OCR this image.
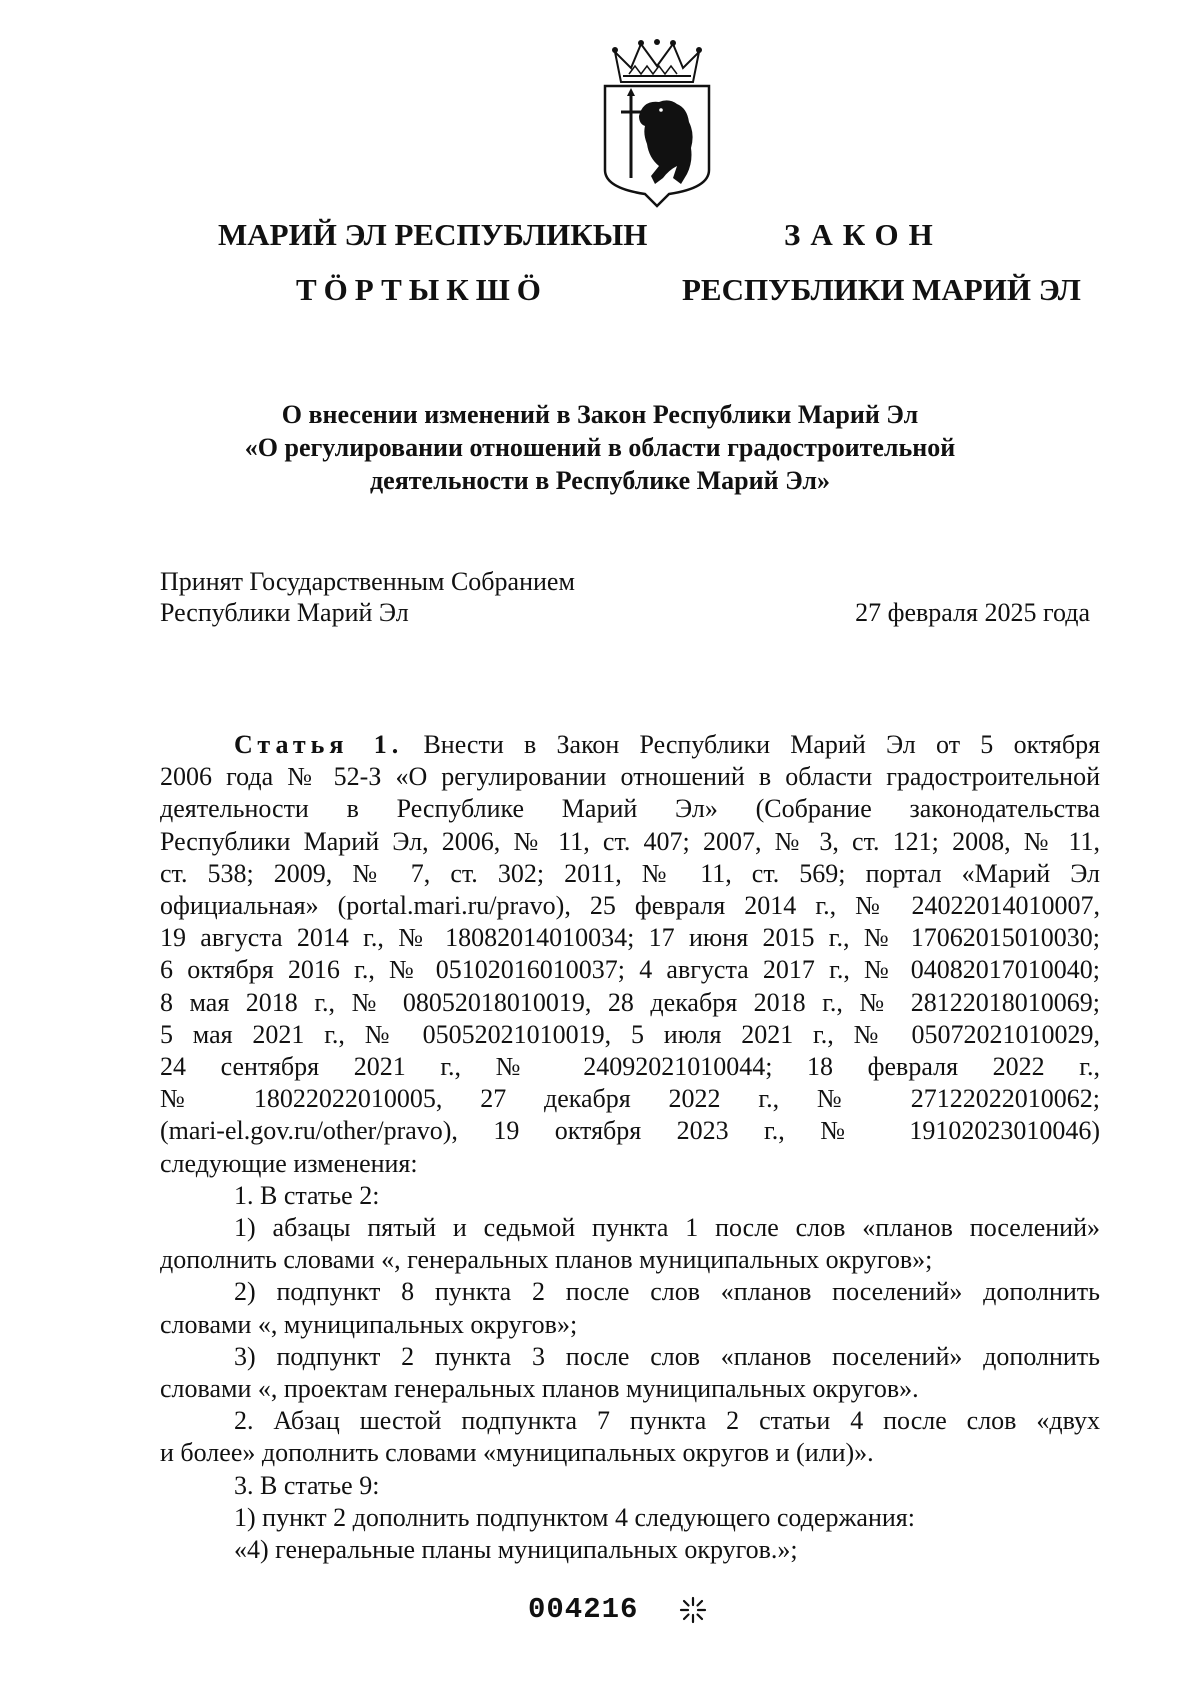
МАРИЙ ЭЛ РЕСПУБЛИКЫН
ТӦРТЫКШӦ
ЗАКОН
РЕСПУБЛИКИ МАРИЙ ЭЛ
О внесении изменений в Закон Республики Марий Эл
«О регулировании отношений в области градостроительной
деятельности в Республике Марий Эл»
Принят Государственным Собранием
Республики Марий Эл	27 февраля 2025 года
Статья 1. Внести в Закон Республики Марий Эл от 5 октября
2006 года № 52-З «О регулировании отношений в области градостроительной
деятельности в Республике Марий Эл» (Собрание законодательства
Республики Марий Эл, 2006, № 11, ст. 407; 2007, № 3, ст. 121; 2008, № 11,
ст. 538; 2009, № 7, ст. 302; 2011, № 11, ст. 569; портал «Марий Эл
официальная» (portal.mari.ru/pravo), 25 февраля 2014 г., № 24022014010007,
19 августа 2014 г., № 18082014010034; 17 июня 2015 г., № 17062015010030;
6 октября 2016 г., № 05102016010037; 4 августа 2017 г., № 04082017010040;
8 мая 2018 г., № 08052018010019, 28 декабря 2018 г., № 28122018010069;
5 мая 2021 г., № 05052021010019, 5 июля 2021 г., № 05072021010029,
24 сентября 2021 г., № 24092021010044; 18 февраля 2022 г.,
№ 18022022010005, 27 декабря 2022 г., № 27122022010062;
(mari-el.gov.ru/other/pravo), 19 октября 2023 г., № 19102023010046)
следующие изменения:
1. В статье 2:
1) абзацы пятый и седьмой пункта 1 после слов «планов поселений»
дополнить словами «, генеральных планов муниципальных округов»;
2) подпункт 8 пункта 2 после слов «планов поселений» дополнить
словами «, муниципальных округов»;
3) подпункт 2 пункта 3 после слов «планов поселений» дополнить
словами «, проектам генеральных планов муниципальных округов».
2. Абзац шестой подпункта 7 пункта 2 статьи 4 после слов «двух
и более» дополнить словами «муниципальных округов и (или)».
3. В статье 9:
1) пункт 2 дополнить подпунктом 4 следующего содержания:
«4) генеральные планы муниципальных округов.»;
004216
